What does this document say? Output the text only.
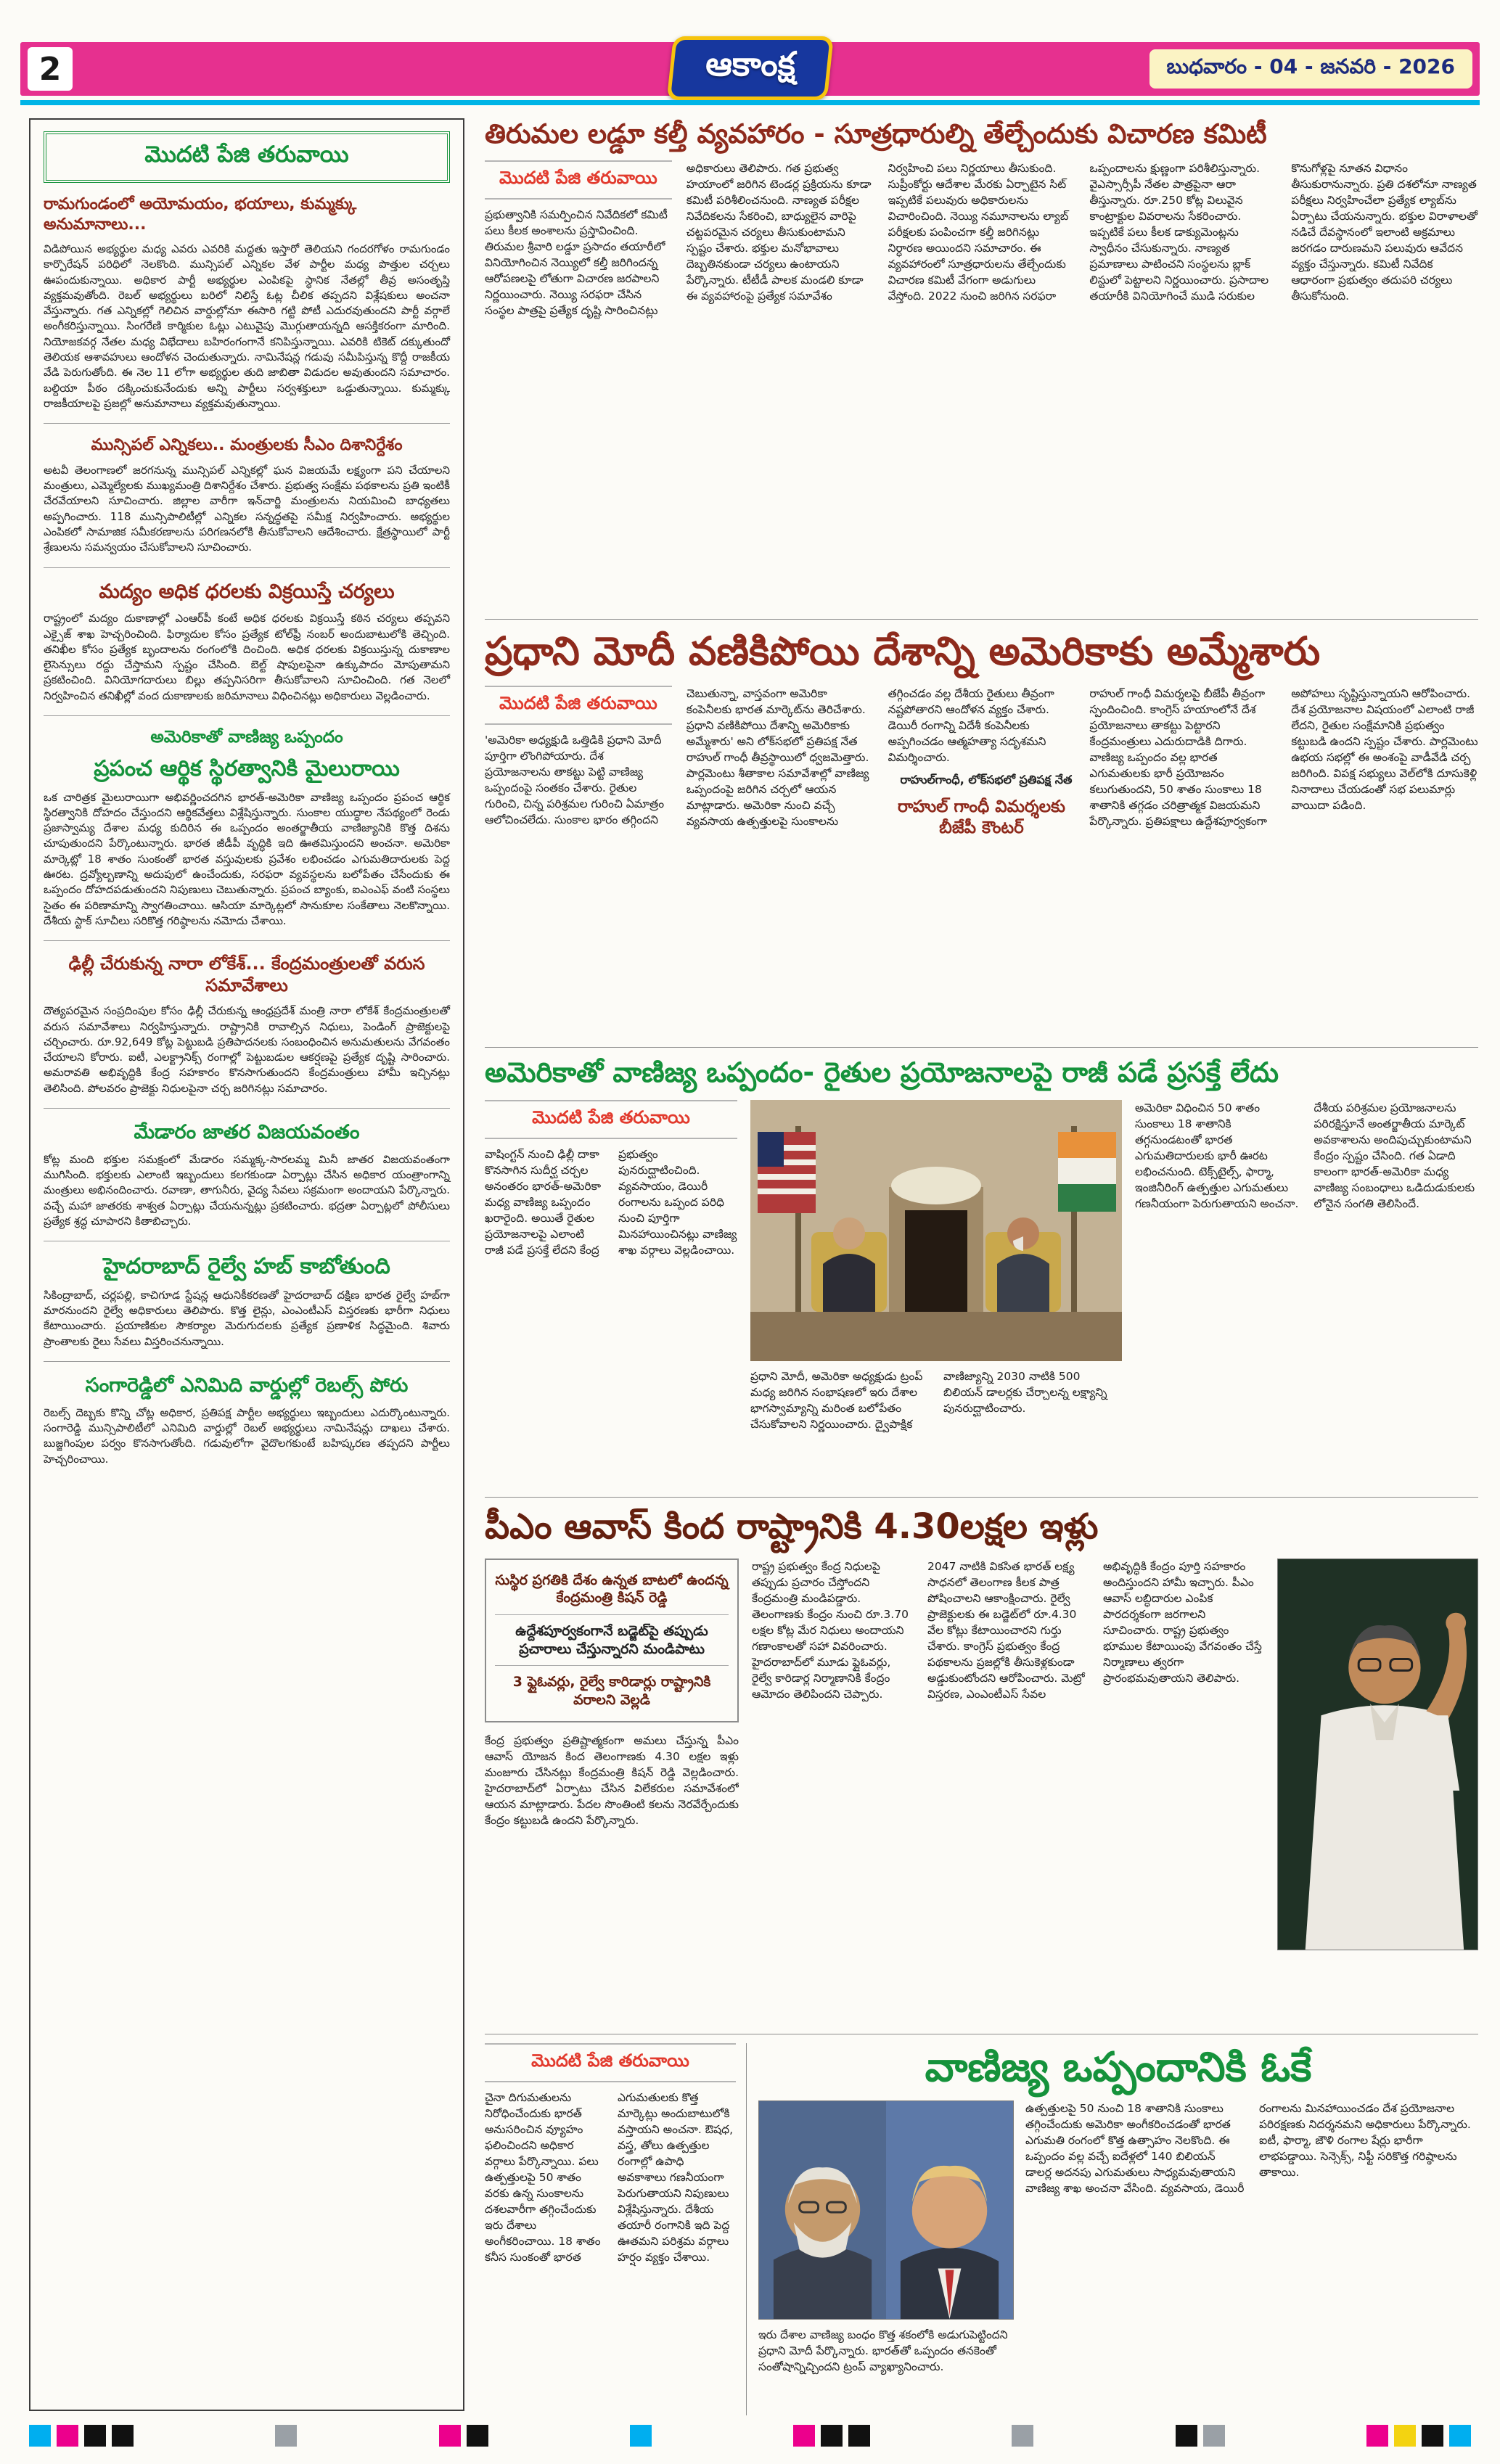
2	ఆకాంక్ష	బుధవారం - 04 - జనవరి - 2026
మొదటి పేజి తరువాయి
రామగుండంలో అయోమయం, భయాలు, కుమ్మక్కు అనుమానాలు...

విడిపోయిన అభ్యర్థుల మధ్య ఎవరు ఎవరికి మద్దతు ఇస్తారో తెలియని గందరగోళం రామగుండం కార్పొరేషన్ పరిధిలో నెలకొంది. మున్సిపల్ ఎన్నికల వేళ పార్టీల మధ్య పొత్తుల చర్చలు ఊపందుకున్నాయి. అధికార పార్టీ అభ్యర్థుల ఎంపికపై స్థానిక నేతల్లో తీవ్ర అసంతృప్తి వ్యక్తమవుతోంది. రెబల్ అభ్యర్థులు బరిలో నిలిస్తే ఓట్ల చీలిక తప్పదని విశ్లేషకులు అంచనా వేస్తున్నారు. గత ఎన్నికల్లో గెలిచిన వార్డుల్లోనూ ఈసారి గట్టి పోటీ ఎదురవుతుందని పార్టీ వర్గాలే అంగీకరిస్తున్నాయి. సింగరేణి కార్మికుల ఓట్లు ఎటువైపు మొగ్గుతాయన్నది ఆసక్తికరంగా మారింది. నియోజకవర్గ నేతల మధ్య విభేదాలు బహిరంగంగానే కనిపిస్తున్నాయి. ఎవరికి టికెట్ దక్కుతుందో తెలియక ఆశావహులు ఆందోళన చెందుతున్నారు. నామినేషన్ల గడువు సమీపిస్తున్న కొద్దీ రాజకీయ వేడి పెరుగుతోంది. ఈ నెల 11 లోగా అభ్యర్థుల తుది జాబితా విడుదల అవుతుందని సమాచారం. బల్దియా పీఠం దక్కించుకునేందుకు అన్ని పార్టీలు సర్వశక్తులూ ఒడ్డుతున్నాయి. కుమ్మక్కు రాజకీయాలపై ప్రజల్లో అనుమానాలు వ్యక్తమవుతున్నాయి.

మున్సిపల్ ఎన్నికలు.. మంత్రులకు సీఎం దిశానిర్దేశం

అటవీ తెలంగాణలో జరగనున్న మున్సిపల్ ఎన్నికల్లో ఘన విజయమే లక్ష్యంగా పని చేయాలని మంత్రులు, ఎమ్మెల్యేలకు ముఖ్యమంత్రి దిశానిర్దేశం చేశారు. ప్రభుత్వ సంక్షేమ పథకాలను ప్రతి ఇంటికీ చేరవేయాలని సూచించారు. జిల్లాల వారీగా ఇన్‌చార్జి మంత్రులను నియమించి బాధ్యతలు అప్పగించారు. 118 మున్సిపాలిటీల్లో ఎన్నికల సన్నద్ధతపై సమీక్ష నిర్వహించారు. అభ్యర్థుల ఎంపికలో సామాజిక సమీకరణాలను పరిగణనలోకి తీసుకోవాలని ఆదేశించారు. క్షేత్రస్థాయిలో పార్టీ శ్రేణులను సమన్వయం చేసుకోవాలని సూచించారు.

మద్యం అధిక ధరలకు విక్రయిస్తే చర్యలు

రాష్ట్రంలో మద్యం దుకాణాల్లో ఎంఆర్‌పీ కంటే అధిక ధరలకు విక్రయిస్తే కఠిన చర్యలు తప్పవని ఎక్సైజ్ శాఖ హెచ్చరించింది. ఫిర్యాదుల కోసం ప్రత్యేక టోల్‌ఫ్రీ నంబర్ అందుబాటులోకి తెచ్చింది. తనిఖీల కోసం ప్రత్యేక బృందాలను రంగంలోకి దించింది. అధిక ధరలకు విక్రయిస్తున్న దుకాణాల లైసెన్సులు రద్దు చేస్తామని స్పష్టం చేసింది. బెల్ట్ షాపులపైనా ఉక్కుపాదం మోపుతామని ప్రకటించింది. వినియోగదారులు బిల్లు తప్పనిసరిగా తీసుకోవాలని సూచించింది. గత నెలలో నిర్వహించిన తనిఖీల్లో వంద దుకాణాలకు జరిమానాలు విధించినట్లు అధికారులు వెల్లడించారు.

అమెరికాతో వాణిజ్య ఒప్పందం
ప్రపంచ ఆర్థిక స్థిరత్వానికి మైలురాయి

ఒక చారిత్రక మైలురాయిగా అభివర్ణించదగిన భారత్-అమెరికా వాణిజ్య ఒప్పందం ప్రపంచ ఆర్థిక స్థిరత్వానికి దోహదం చేస్తుందని ఆర్థికవేత్తలు విశ్లేషిస్తున్నారు. సుంకాల యుద్ధాల నేపథ్యంలో రెండు ప్రజాస్వామ్య దేశాల మధ్య కుదిరిన ఈ ఒప్పందం అంతర్జాతీయ వాణిజ్యానికి కొత్త దిశను చూపుతుందని పేర్కొంటున్నారు. భారత జీడీపీ వృద్ధికి ఇది ఊతమిస్తుందని అంచనా. అమెరికా మార్కెట్లో 18 శాతం సుంకంతో భారత వస్తువులకు ప్రవేశం లభించడం ఎగుమతిదారులకు పెద్ద ఊరట. ద్రవ్యోల్బణాన్ని అదుపులో ఉంచేందుకు, సరఫరా వ్యవస్థలను బలోపేతం చేసేందుకు ఈ ఒప్పందం దోహదపడుతుందని నిపుణులు చెబుతున్నారు. ప్రపంచ బ్యాంకు, ఐఎంఎఫ్ వంటి సంస్థలు సైతం ఈ పరిణామాన్ని స్వాగతించాయి. ఆసియా మార్కెట్లలో సానుకూల సంకేతాలు నెలకొన్నాయి. దేశీయ స్టాక్ సూచీలు సరికొత్త గరిష్ఠాలను నమోదు చేశాయి.

ఢిల్లీ చేరుకున్న నారా లోకేశ్... కేంద్రమంత్రులతో వరుస సమావేశాలు

దౌత్యపరమైన సంప్రదింపుల కోసం ఢిల్లీ చేరుకున్న ఆంధ్రప్రదేశ్ మంత్రి నారా లోకేశ్ కేంద్రమంత్రులతో వరుస సమావేశాలు నిర్వహిస్తున్నారు. రాష్ట్రానికి రావాల్సిన నిధులు, పెండింగ్ ప్రాజెక్టులపై చర్చించారు. రూ.92,649 కోట్ల పెట్టుబడి ప్రతిపాదనలకు సంబంధించిన అనుమతులను వేగవంతం చేయాలని కోరారు. ఐటీ, ఎలక్ట్రానిక్స్ రంగాల్లో పెట్టుబడుల ఆకర్షణపై ప్రత్యేక దృష్టి సారించారు. అమరావతి అభివృద్ధికి కేంద్ర సహకారం కొనసాగుతుందని కేంద్రమంత్రులు హామీ ఇచ్చినట్లు తెలిసింది. పోలవరం ప్రాజెక్టు నిధులపైనా చర్చ జరిగినట్లు సమాచారం.

మేడారం జాతర విజయవంతం

కోట్ల మంది భక్తుల సమక్షంలో మేడారం సమ్మక్క-సారలమ్మ మినీ జాతర విజయవంతంగా ముగిసింది. భక్తులకు ఎలాంటి ఇబ్బందులు కలగకుండా ఏర్పాట్లు చేసిన అధికార యంత్రాంగాన్ని మంత్రులు అభినందించారు. రవాణా, తాగునీరు, వైద్య సేవలు సక్రమంగా అందాయని పేర్కొన్నారు. వచ్చే మహా జాతరకు శాశ్వత ఏర్పాట్లు చేయనున్నట్లు ప్రకటించారు. భద్రతా ఏర్పాట్లలో పోలీసులు ప్రత్యేక శ్రద్ధ చూపారని కితాబిచ్చారు.

హైదరాబాద్ రైల్వే హబ్ కాబోతుంది

సికింద్రాబాద్, చర్లపల్లి, కాచిగూడ స్టేషన్ల ఆధునికీకరణతో హైదరాబాద్ దక్షిణ భారత రైల్వే హబ్‌గా మారనుందని రైల్వే అధికారులు తెలిపారు. కొత్త లైన్లు, ఎంఎంటీఎస్ విస్తరణకు భారీగా నిధులు కేటాయించారు. ప్రయాణికుల సౌకర్యాల మెరుగుదలకు ప్రత్యేక ప్రణాళిక సిద్ధమైంది. శివారు ప్రాంతాలకు రైలు సేవలు విస్తరించనున్నాయి.

సంగారెడ్డిలో ఎనిమిది వార్డుల్లో రెబల్స్ పోరు

రెబల్స్ దెబ్బకు కొన్ని చోట్ల అధికార, ప్రతిపక్ష పార్టీల అభ్యర్థులు ఇబ్బందులు ఎదుర్కొంటున్నారు. సంగారెడ్డి మున్సిపాలిటీలో ఎనిమిది వార్డుల్లో రెబల్ అభ్యర్థులు నామినేషన్లు దాఖలు చేశారు. బుజ్జగింపుల పర్వం కొనసాగుతోంది. గడువులోగా వైదొలగకుంటే బహిష్కరణ తప్పదని పార్టీలు హెచ్చరించాయి.

తిరుమల లడ్డూ కల్తీ వ్యవహారం - సూత్రధారుల్ని తేల్చేందుకు విచారణ కమిటీ
మొదటి పేజి తరువాయి
ప్రభుత్వానికి సమర్పించిన నివేదికలో కమిటీ పలు కీలక అంశాలను ప్రస్తావించింది. తిరుమల శ్రీవారి లడ్డూ ప్రసాదం తయారీలో వినియోగించిన నెయ్యిలో కల్తీ జరిగిందన్న ఆరోపణలపై లోతుగా విచారణ జరపాలని నిర్ణయించారు. నెయ్యి సరఫరా చేసిన సంస్థల పాత్రపై ప్రత్యేక దృష్టి సారించినట్లు అధికారులు తెలిపారు. గత ప్రభుత్వ హయాంలో జరిగిన టెండర్ల ప్రక్రియను కూడా కమిటీ పరిశీలించనుంది. నాణ్యత పరీక్షల నివేదికలను సేకరించి, బాధ్యులైన వారిపై చట్టపరమైన చర్యలు తీసుకుంటామని స్పష్టం చేశారు. భక్తుల మనోభావాలు దెబ్బతినకుండా చర్యలు ఉంటాయని పేర్కొన్నారు. టీటీడీ పాలక మండలి కూడా ఈ వ్యవహారంపై ప్రత్యేక సమావేశం నిర్వహించి పలు నిర్ణయాలు తీసుకుంది. సుప్రీంకోర్టు ఆదేశాల మేరకు ఏర్పాటైన సిట్ ఇప్పటికే పలువురు అధికారులను విచారించింది. నెయ్యి నమూనాలను ల్యాబ్ పరీక్షలకు పంపించగా కల్తీ జరిగినట్లు నిర్ధారణ అయిందని సమాచారం. ఈ వ్యవహారంలో సూత్రధారులను తేల్చేందుకు విచారణ కమిటీ వేగంగా అడుగులు వేస్తోంది. 2022 నుంచి జరిగిన సరఫరా ఒప్పందాలను క్షుణ్ణంగా పరిశీలిస్తున్నారు. వైఎస్సార్సీపీ నేతల పాత్రపైనా ఆరా తీస్తున్నారు. రూ.250 కోట్ల విలువైన కాంట్రాక్టుల వివరాలను సేకరించారు. ఇప్పటికే పలు కీలక డాక్యుమెంట్లను స్వాధీనం చేసుకున్నారు. నాణ్యత ప్రమాణాలు పాటించని సంస్థలను బ్లాక్ లిస్టులో పెట్టాలని నిర్ణయించారు. ప్రసాదాల తయారీకి వినియోగించే ముడి సరుకుల కొనుగోళ్లపై నూతన విధానం తీసుకురానున్నారు. ప్రతి దశలోనూ నాణ్యత పరీక్షలు నిర్వహించేలా ప్రత్యేక ల్యాబ్‌ను ఏర్పాటు చేయనున్నారు. భక్తుల విరాళాలతో నడిచే దేవస్థానంలో ఇలాంటి అక్రమాలు జరగడం దారుణమని పలువురు ఆవేదన వ్యక్తం చేస్తున్నారు. కమిటీ నివేదిక ఆధారంగా ప్రభుత్వం తదుపరి చర్యలు తీసుకోనుంది.
ప్రధాని మోదీ వణికిపోయి దేశాన్ని అమెరికాకు అమ్మేశారు
మొదటి పేజి తరువాయి
'అమెరికా అధ్యక్షుడి ఒత్తిడికి ప్రధాని మోదీ పూర్తిగా లొంగిపోయారు. దేశ ప్రయోజనాలను తాకట్టు పెట్టి వాణిజ్య ఒప్పందంపై సంతకం చేశారు. రైతుల గురించి, చిన్న పరిశ్రమల గురించి ఏమాత్రం ఆలోచించలేదు. సుంకాల భారం తగ్గిందని చెబుతున్నా, వాస్తవంగా అమెరికా కంపెనీలకు భారత మార్కెట్‌ను తెరిచేశారు. ప్రధాని వణికిపోయి దేశాన్ని అమెరికాకు అమ్మేశారు' అని లోక్‌సభలో ప్రతిపక్ష నేత రాహుల్ గాంధీ తీవ్రస్థాయిలో ధ్వజమెత్తారు. పార్లమెంటు శీతాకాల సమావేశాల్లో వాణిజ్య ఒప్పందంపై జరిగిన చర్చలో ఆయన మాట్లాడారు. అమెరికా నుంచి వచ్చే వ్యవసాయ ఉత్పత్తులపై సుంకాలను తగ్గించడం వల్ల దేశీయ రైతులు తీవ్రంగా నష్టపోతారని ఆందోళన వ్యక్తం చేశారు. డెయిరీ రంగాన్ని విదేశీ కంపెనీలకు అప్పగించడం ఆత్మహత్యా సదృశమని విమర్శించారు.
రాహుల్‌గాంధీ, లోక్‌సభలో ప్రతిపక్ష నేత
రాహుల్ గాంధీ విమర్శలకు బీజేపీ కౌంటర్
రాహుల్ గాంధీ విమర్శలపై బీజేపీ తీవ్రంగా స్పందించింది. కాంగ్రెస్ హయాంలోనే దేశ ప్రయోజనాలు తాకట్టు పెట్టారని కేంద్రమంత్రులు ఎదురుదాడికి దిగారు. వాణిజ్య ఒప్పందం వల్ల భారత ఎగుమతులకు భారీ ప్రయోజనం కలుగుతుందని, 50 శాతం సుంకాలు 18 శాతానికి తగ్గడం చరిత్రాత్మక విజయమని పేర్కొన్నారు. ప్రతిపక్షాలు ఉద్దేశపూర్వకంగా అపోహలు సృష్టిస్తున్నాయని ఆరోపించారు. దేశ ప్రయోజనాల విషయంలో ఎలాంటి రాజీ లేదని, రైతుల సంక్షేమానికి ప్రభుత్వం కట్టుబడి ఉందని స్పష్టం చేశారు. పార్లమెంటు ఉభయ సభల్లో ఈ అంశంపై వాడీవేడి చర్చ జరిగింది. విపక్ష సభ్యులు వెల్‌లోకి దూసుకెళ్లి నినాదాలు చేయడంతో సభ పలుమార్లు వాయిదా పడింది.
అమెరికాతో వాణిజ్య ఒప్పందం- రైతుల ప్రయోజనాలపై రాజీ పడే ప్రసక్తే లేదు
మొదటి పేజి తరువాయి
వాషింగ్టన్ నుంచి ఢిల్లీ దాకా కొనసాగిన సుదీర్ఘ చర్చల అనంతరం భారత్-అమెరికా మధ్య వాణిజ్య ఒప్పందం ఖరారైంది. అయితే రైతుల ప్రయోజనాలపై ఎలాంటి రాజీ పడే ప్రసక్తే లేదని కేంద్ర ప్రభుత్వం పునరుద్ఘాటించింది. వ్యవసాయం, డెయిరీ రంగాలను ఒప్పంద పరిధి నుంచి పూర్తిగా మినహాయించినట్లు వాణిజ్య శాఖ వర్గాలు వెల్లడించాయి.
ప్రధాని మోదీ, అమెరికా అధ్యక్షుడు ట్రంప్ మధ్య జరిగిన సంభాషణలో ఇరు దేశాల భాగస్వామ్యాన్ని మరింత బలోపేతం చేసుకోవాలని నిర్ణయించారు. ద్వైపాక్షిక వాణిజ్యాన్ని 2030 నాటికి 500 బిలియన్ డాలర్లకు చేర్చాలన్న లక్ష్యాన్ని పునరుద్ఘాటించారు.
అమెరికా విధించిన 50 శాతం సుంకాలు 18 శాతానికి తగ్గనుండటంతో భారత ఎగుమతిదారులకు భారీ ఊరట లభించనుంది. టెక్స్‌టైల్స్, ఫార్మా, ఇంజినీరింగ్ ఉత్పత్తుల ఎగుమతులు గణనీయంగా పెరుగుతాయని అంచనా. దేశీయ పరిశ్రమల ప్రయోజనాలను పరిరక్షిస్తూనే అంతర్జాతీయ మార్కెట్ అవకాశాలను అందిపుచ్చుకుంటామని కేంద్రం స్పష్టం చేసింది. గత ఏడాది కాలంగా భారత్-అమెరికా మధ్య వాణిజ్య సంబంధాలు ఒడిదుడుకులకు లోనైన సంగతి తెలిసిందే.
పీఎం ఆవాస్ కింద రాష్ట్రానికి 4.30లక్షల ఇళ్లు
సుస్థిర ప్రగతికి దేశం ఉన్నత బాటలో ఉందన్న కేంద్రమంత్రి కిషన్ రెడ్డి
ఉద్దేశపూర్వకంగానే బడ్జెట్‌పై తప్పుడు ప్రచారాలు చేస్తున్నారని మండిపాటు
3 ఫ్లైఓవర్లు, రైల్వే కారిడార్లు రాష్ట్రానికి వరాలని వెల్లడి
కేంద్ర ప్రభుత్వం ప్రతిష్టాత్మకంగా అమలు చేస్తున్న పీఎం ఆవాస్ యోజన కింద తెలంగాణకు 4.30 లక్షల ఇళ్లు మంజూరు చేసినట్లు కేంద్రమంత్రి కిషన్ రెడ్డి వెల్లడించారు. హైదరాబాద్‌లో ఏర్పాటు చేసిన విలేకరుల సమావేశంలో ఆయన మాట్లాడారు. పేదల సొంతింటి కలను నెరవేర్చేందుకు కేంద్రం కట్టుబడి ఉందని పేర్కొన్నారు.
రాష్ట్ర ప్రభుత్వం కేంద్ర నిధులపై తప్పుడు ప్రచారం చేస్తోందని కేంద్రమంత్రి మండిపడ్డారు. తెలంగాణకు కేంద్రం నుంచి రూ.3.70 లక్షల కోట్ల మేర నిధులు అందాయని గణాంకాలతో సహా వివరించారు. హైదరాబాద్‌లో మూడు ఫ్లైఓవర్లు, రైల్వే కారిడార్ల నిర్మాణానికి కేంద్రం ఆమోదం తెలిపిందని చెప్పారు. 2047 నాటికి వికసిత భారత్ లక్ష్య సాధనలో తెలంగాణ కీలక పాత్ర పోషించాలని ఆకాంక్షించారు. రైల్వే ప్రాజెక్టులకు ఈ బడ్జెట్‌లో రూ.4.30 వేల కోట్లు కేటాయించారని గుర్తు చేశారు. కాంగ్రెస్ ప్రభుత్వం కేంద్ర పథకాలను ప్రజల్లోకి తీసుకెళ్లకుండా అడ్డుకుంటోందని ఆరోపించారు. మెట్రో విస్తరణ, ఎంఎంటీఎస్ సేవల అభివృద్ధికి కేంద్రం పూర్తి సహకారం అందిస్తుందని హామీ ఇచ్చారు. పీఎం ఆవాస్ లబ్ధిదారుల ఎంపిక పారదర్శకంగా జరగాలని సూచించారు. రాష్ట్ర ప్రభుత్వం భూముల కేటాయింపు వేగవంతం చేస్తే నిర్మాణాలు త్వరగా ప్రారంభమవుతాయని తెలిపారు.
మొదటి పేజి తరువాయి
చైనా దిగుమతులను నిరోధించేందుకు భారత్ అనుసరించిన వ్యూహం ఫలించిందని అధికార వర్గాలు పేర్కొన్నాయి. పలు ఉత్పత్తులపై 50 శాతం వరకు ఉన్న సుంకాలను దశలవారీగా తగ్గించేందుకు ఇరు దేశాలు అంగీకరించాయి. 18 శాతం కనీస సుంకంతో భారత ఎగుమతులకు కొత్త మార్కెట్లు అందుబాటులోకి వస్తాయని అంచనా. ఔషధ, వస్త్ర, తోలు ఉత్పత్తుల రంగాల్లో ఉపాధి అవకాశాలు గణనీయంగా పెరుగుతాయని నిపుణులు విశ్లేషిస్తున్నారు. దేశీయ తయారీ రంగానికి ఇది పెద్ద ఊతమని పరిశ్రమ వర్గాలు హర్షం వ్యక్తం చేశాయి.
వాణిజ్య ఒప్పందానికి ఓకే
ఇరు దేశాల వాణిజ్య బంధం కొత్త శకంలోకి అడుగుపెట్టిందని ప్రధాని మోదీ పేర్కొన్నారు. భారత్‌తో ఒప్పందం తనకెంతో సంతోషాన్నిచ్చిందని ట్రంప్ వ్యాఖ్యానించారు.
ఉత్పత్తులపై 50 నుంచి 18 శాతానికి సుంకాలు తగ్గించేందుకు అమెరికా అంగీకరించడంతో భారత ఎగుమతి రంగంలో కొత్త ఉత్సాహం నెలకొంది. ఈ ఒప్పందం వల్ల వచ్చే ఐదేళ్లలో 140 బిలియన్ డాలర్ల అదనపు ఎగుమతులు సాధ్యమవుతాయని వాణిజ్య శాఖ అంచనా వేసింది. వ్యవసాయ, డెయిరీ రంగాలను మినహాయించడం దేశ ప్రయోజనాల పరిరక్షణకు నిదర్శనమని అధికారులు పేర్కొన్నారు. ఐటీ, ఫార్మా, జౌళి రంగాల షేర్లు భారీగా లాభపడ్డాయి. సెన్సెక్స్, నిఫ్టీ సరికొత్త గరిష్ఠాలను తాకాయి.
